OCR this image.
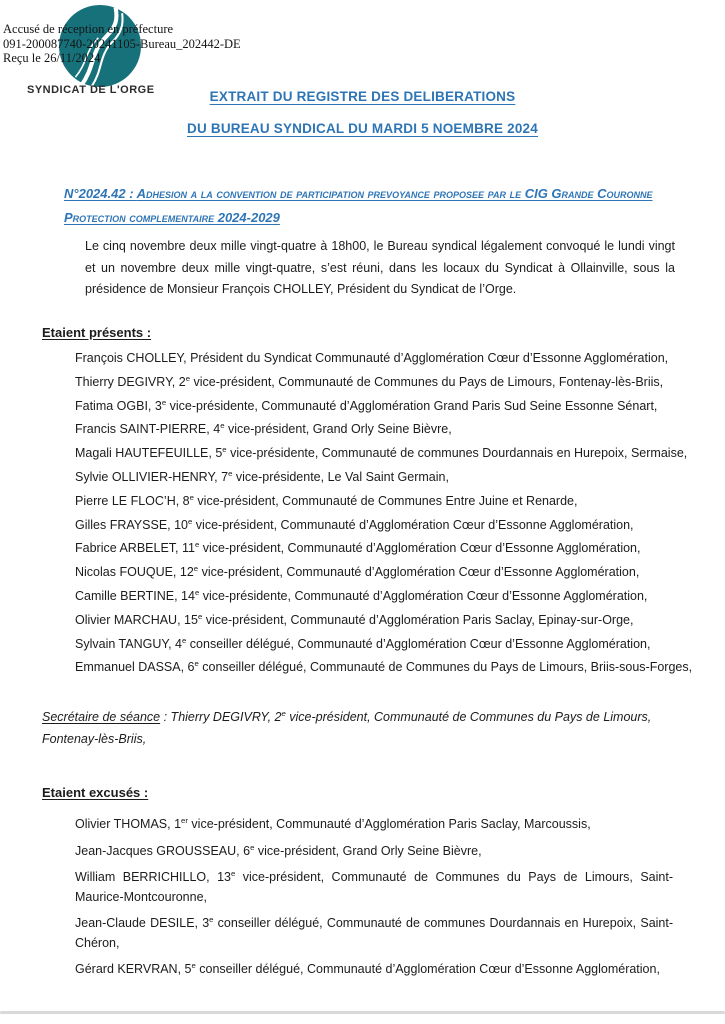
Accusé de réception en préfecture
091-200087740-20241105-Bureau_202442-DE
Reçu le 26/11/2024
SYNDICAT DE L'ORGE	EXTRAIT DU REGISTRE DES DELIBERATIONS
DU BUREAU SYNDICAL DU MARDI 5 NOEMBRE 2024
N°2024.42 : Adhesion a la convention de participation prevoyance proposee par le CIG Grande Couronne Protection complementaire 2024-2029
Le cinq novembre deux mille vingt-quatre à 18h00, le Bureau syndical légalement convoqué le lundi vingt et un novembre deux mille vingt-quatre, s’est réuni, dans les locaux du Syndicat à Ollainville, sous la présidence de Monsieur François CHOLLEY, Président du Syndicat de l’Orge.
Etaient présents :
François CHOLLEY, Président du Syndicat Communauté d’Agglomération Cœur d’Essonne Agglomération,
Thierry DEGIVRY, 2e vice-président, Communauté de Communes du Pays de Limours, Fontenay-lès-Briis,
Fatima OGBI, 3e vice-présidente, Communauté d’Agglomération Grand Paris Sud Seine Essonne Sénart,
Francis SAINT-PIERRE, 4e vice-président, Grand Orly Seine Bièvre,
Magali HAUTEFEUILLE, 5e vice-présidente, Communauté de communes Dourdannais en Hurepoix, Sermaise,
Sylvie OLLIVIER-HENRY, 7e vice-présidente, Le Val Saint Germain,
Pierre LE FLOC’H, 8e vice-président, Communauté de Communes Entre Juine et Renarde,
Gilles FRAYSSE, 10e vice-président, Communauté d’Agglomération Cœur d’Essonne Agglomération,
Fabrice ARBELET, 11e vice-président, Communauté d’Agglomération Cœur d’Essonne Agglomération,
Nicolas FOUQUE, 12e vice-président, Communauté d’Agglomération Cœur d’Essonne Agglomération,
Camille BERTINE, 14e vice-présidente, Communauté d’Agglomération Cœur d’Essonne Agglomération,
Olivier MARCHAU, 15e vice-président, Communauté d’Agglomération Paris Saclay, Epinay-sur-Orge,
Sylvain TANGUY, 4e conseiller délégué, Communauté d’Agglomération Cœur d’Essonne Agglomération,
Emmanuel DASSA, 6e conseiller délégué, Communauté de Communes du Pays de Limours, Briis-sous-Forges,
Secrétaire de séance : Thierry DEGIVRY, 2e vice-président, Communauté de Communes du Pays de Limours, Fontenay-lès-Briis,
Etaient excusés :
Olivier THOMAS, 1er vice-président, Communauté d’Agglomération Paris Saclay, Marcoussis,
Jean-Jacques GROUSSEAU, 6e vice-président, Grand Orly Seine Bièvre,
William BERRICHILLO, 13e vice-président, Communauté de Communes du Pays de Limours, Saint-Maurice-Montcouronne,
Jean-Claude DESILE, 3e conseiller délégué, Communauté de communes Dourdannais en Hurepoix, Saint-Chéron,
Gérard KERVRAN, 5e conseiller délégué, Communauté d’Agglomération Cœur d’Essonne Agglomération,
